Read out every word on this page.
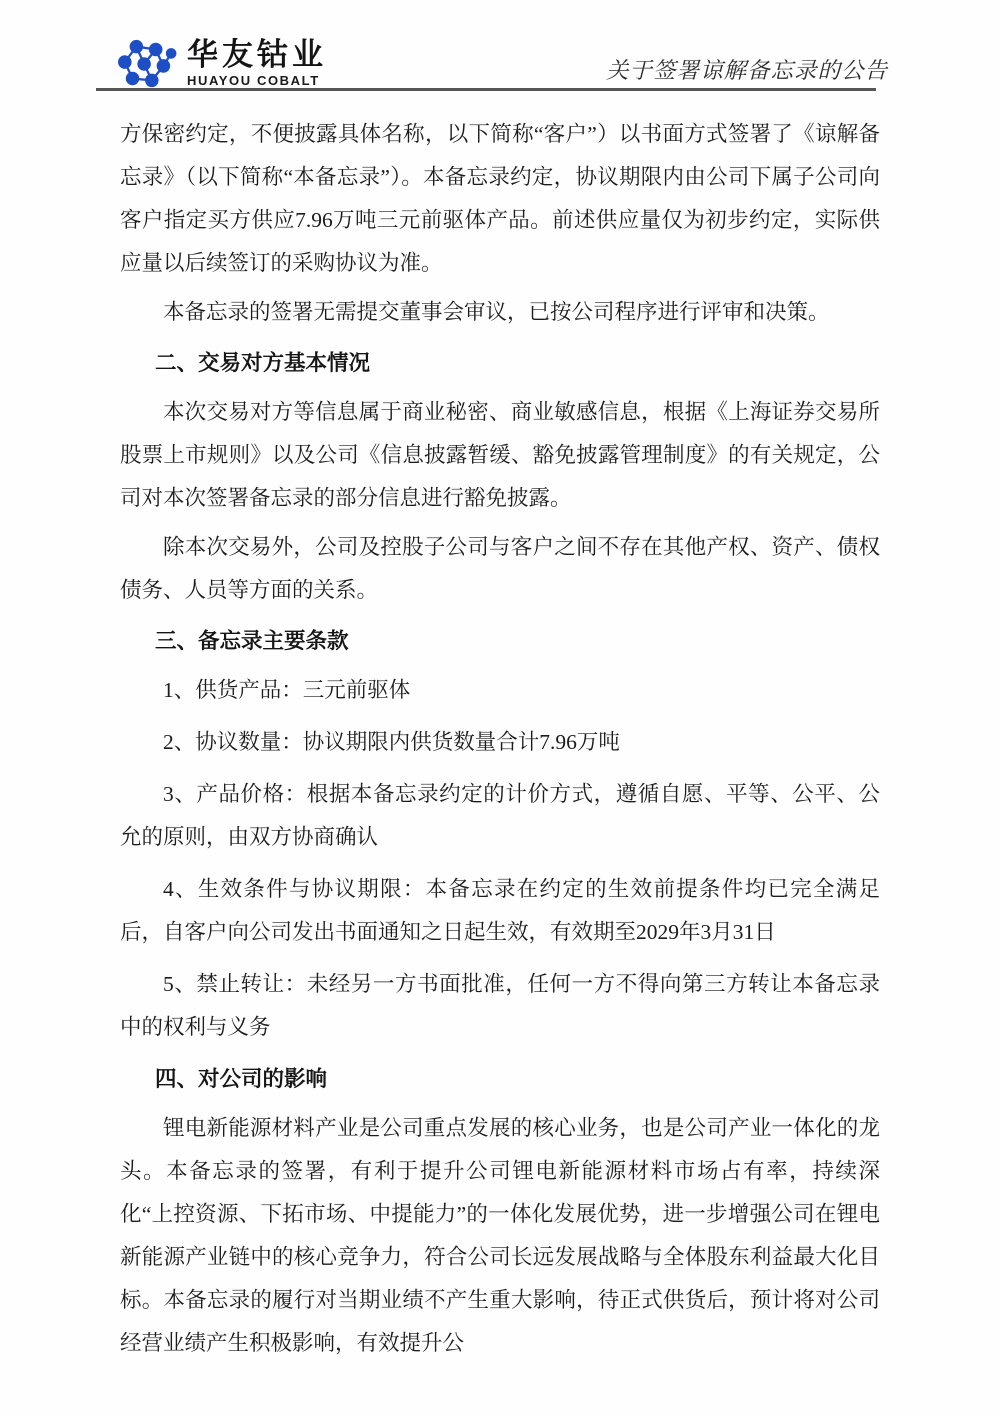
华友钴业
HUAYOU COBALT	关于签署谅解备忘录的公告

方保密约定，不便披露具体名称，以下简称“客户”）以书面方式签署了《谅解备忘录》（以下简称“本备忘录”）。本备忘录约定，协议期限内由公司下属子公司向客户指定买方供应7.96万吨三元前驱体产品。前述供应量仅为初步约定，实际供应量以后续签订的采购协议为准。

本备忘录的签署无需提交董事会审议，已按公司程序进行评审和决策。

二、交易对方基本情况

本次交易对方等信息属于商业秘密、商业敏感信息，根据《上海证券交易所股票上市规则》以及公司《信息披露暂缓、豁免披露管理制度》的有关规定，公司对本次签署备忘录的部分信息进行豁免披露。

除本次交易外，公司及控股子公司与客户之间不存在其他产权、资产、债权债务、人员等方面的关系。

三、备忘录主要条款

1、供货产品：三元前驱体

2、协议数量：协议期限内供货数量合计7.96万吨

3、产品价格：根据本备忘录约定的计价方式，遵循自愿、平等、公平、公允的原则，由双方协商确认

4、生效条件与协议期限：本备忘录在约定的生效前提条件均已完全满足后，自客户向公司发出书面通知之日起生效，有效期至2029年3月31日

5、禁止转让：未经另一方书面批准，任何一方不得向第三方转让本备忘录中的权利与义务

四、对公司的影响

锂电新能源材料产业是公司重点发展的核心业务，也是公司产业一体化的龙头。本备忘录的签署，有利于提升公司锂电新能源材料市场占有率，持续深化“上控资源、下拓市场、中提能力”的一体化发展优势，进一步增强公司在锂电新能源产业链中的核心竞争力，符合公司长远发展战略与全体股东利益最大化目标。本备忘录的履行对当期业绩不产生重大影响，待正式供货后，预计将对公司经营业绩产生积极影响，有效提升公
